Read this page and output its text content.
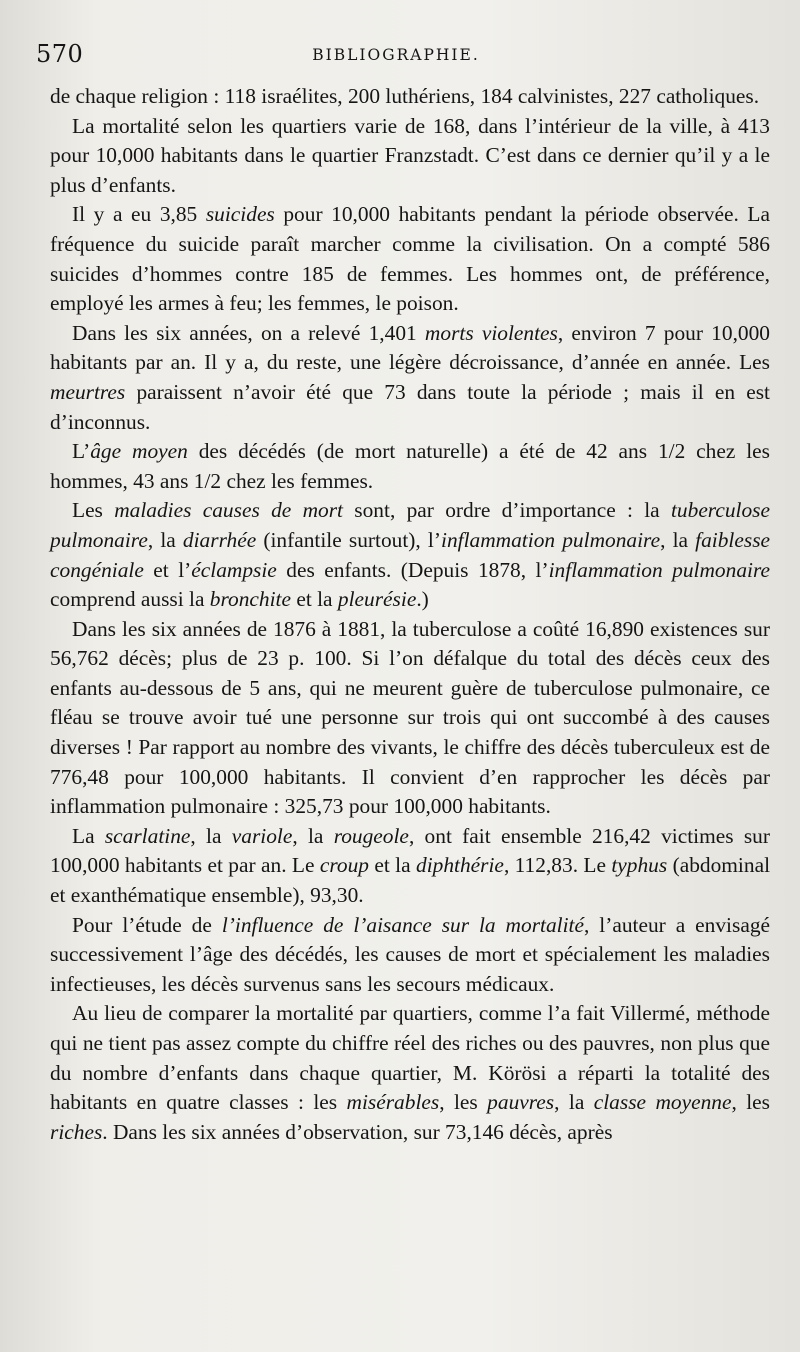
570	BIBLIOGRAPHIE.

de chaque religion : 118 israélites, 200 luthériens, 184 calvinistes, 227 catholiques.

La mortalité selon les quartiers varie de 168, dans l’intérieur de la ville, à 413 pour 10,000 habitants dans le quartier Franzstadt. C’est dans ce dernier qu’il y a le plus d’enfants.

Il y a eu 3,85 suicides pour 10,000 habitants pendant la période observée. La fréquence du suicide paraît marcher comme la civilisation. On a compté 586 suicides d’hommes contre 185 de femmes. Les hommes ont, de préférence, employé les armes à feu; les femmes, le poison.

Dans les six années, on a relevé 1,401 morts violentes, environ 7 pour 10,000 habitants par an. Il y a, du reste, une légère décroissance, d’année en année. Les meurtres paraissent n’avoir été que 73 dans toute la période ; mais il en est d’inconnus.

L’âge moyen des décédés (de mort naturelle) a été de 42 ans 1/2 chez les hommes, 43 ans 1/2 chez les femmes.

Les maladies causes de mort sont, par ordre d’importance : la tuberculose pulmonaire, la diarrhée (infantile surtout), l’inflammation pulmonaire, la faiblesse congéniale et l’éclampsie des enfants. (Depuis 1878, l’inflammation pulmonaire comprend aussi la bronchite et la pleurésie.)

Dans les six années de 1876 à 1881, la tuberculose a coûté 16,890 existences sur 56,762 décès; plus de 23 p. 100. Si l’on défalque du total des décès ceux des enfants au-dessous de 5 ans, qui ne meurent guère de tuberculose pulmonaire, ce fléau se trouve avoir tué une personne sur trois qui ont succombé à des causes diverses ! Par rapport au nombre des vivants, le chiffre des décès tuberculeux est de 776,48 pour 100,000 habitants. Il convient d’en rapprocher les décès par inflammation pulmonaire : 325,73 pour 100,000 habitants.

La scarlatine, la variole, la rougeole, ont fait ensemble 216,42 victimes sur 100,000 habitants et par an. Le croup et la diphthérie, 112,83. Le typhus (abdominal et exanthématique ensemble), 93,30.

Pour l’étude de l’influence de l’aisance sur la mortalité, l’auteur a envisagé successivement l’âge des décédés, les causes de mort et spécialement les maladies infectieuses, les décès survenus sans les secours médicaux.

Au lieu de comparer la mortalité par quartiers, comme l’a fait Villermé, méthode qui ne tient pas assez compte du chiffre réel des riches ou des pauvres, non plus que du nombre d’enfants dans chaque quartier, M. Körösi a réparti la totalité des habitants en quatre classes : les misérables, les pauvres, la classe moyenne, les riches. Dans les six années d’observation, sur 73,146 décès, après
